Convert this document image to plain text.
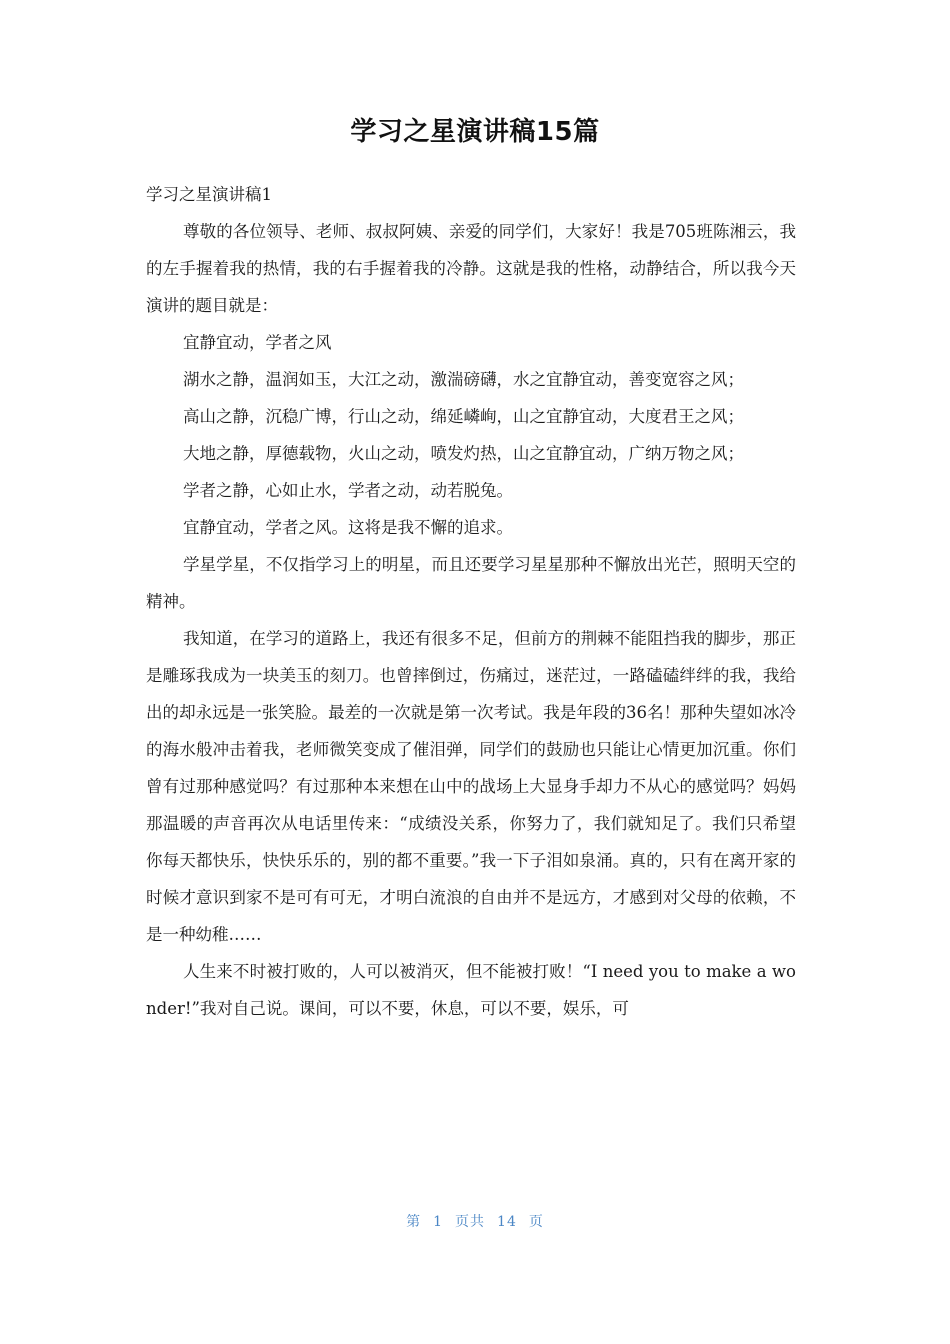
学习之星演讲稿15篇

学习之星演讲稿1

尊敬的各位领导、老师、叔叔阿姨、亲爱的同学们，大家好！我是705班陈湘云，我的左手握着我的热情，我的右手握着我的冷静。这就是我的性格，动静结合，所以我今天演讲的题目就是：

宜静宜动，学者之风

湖水之静，温润如玉，大江之动，激湍磅礴，水之宜静宜动，善变宽容之风；

高山之静，沉稳广博，行山之动，绵延嶙峋，山之宜静宜动，大度君王之风；

大地之静，厚德载物，火山之动，喷发灼热，山之宜静宜动，广纳万物之风；

学者之静，心如止水，学者之动，动若脱兔。

宜静宜动，学者之风。这将是我不懈的追求。

学星学星，不仅指学习上的明星，而且还要学习星星那种不懈放出光芒，照明天空的精神。

我知道，在学习的道路上，我还有很多不足，但前方的荆棘不能阻挡我的脚步，那正是雕琢我成为一块美玉的刻刀。也曾摔倒过，伤痛过，迷茫过，一路磕磕绊绊的我，我给出的却永远是一张笑脸。最差的一次就是第一次考试。我是年段的36名！那种失望如冰冷的海水般冲击着我，老师微笑变成了催泪弹，同学们的鼓励也只能让心情更加沉重。你们曾有过那种感觉吗？有过那种本来想在山中的战场上大显身手却力不从心的感觉吗？妈妈那温暖的声音再次从电话里传来：“成绩没关系，你努力了，我们就知足了。我们只希望你每天都快乐，快快乐乐的，别的都不重要。”我一下子泪如泉涌。真的，只有在离开家的时候才意识到家不是可有可无，才明白流浪的自由并不是远方，才感到对父母的依赖，不是一种幼稚……

人生来不时被打败的，人可以被消灭，但不能被打败！“I need you to make a wonder!”我对自己说。课间，可以不要，休息，可以不要，娱乐，可

第 1 页共 14 页
